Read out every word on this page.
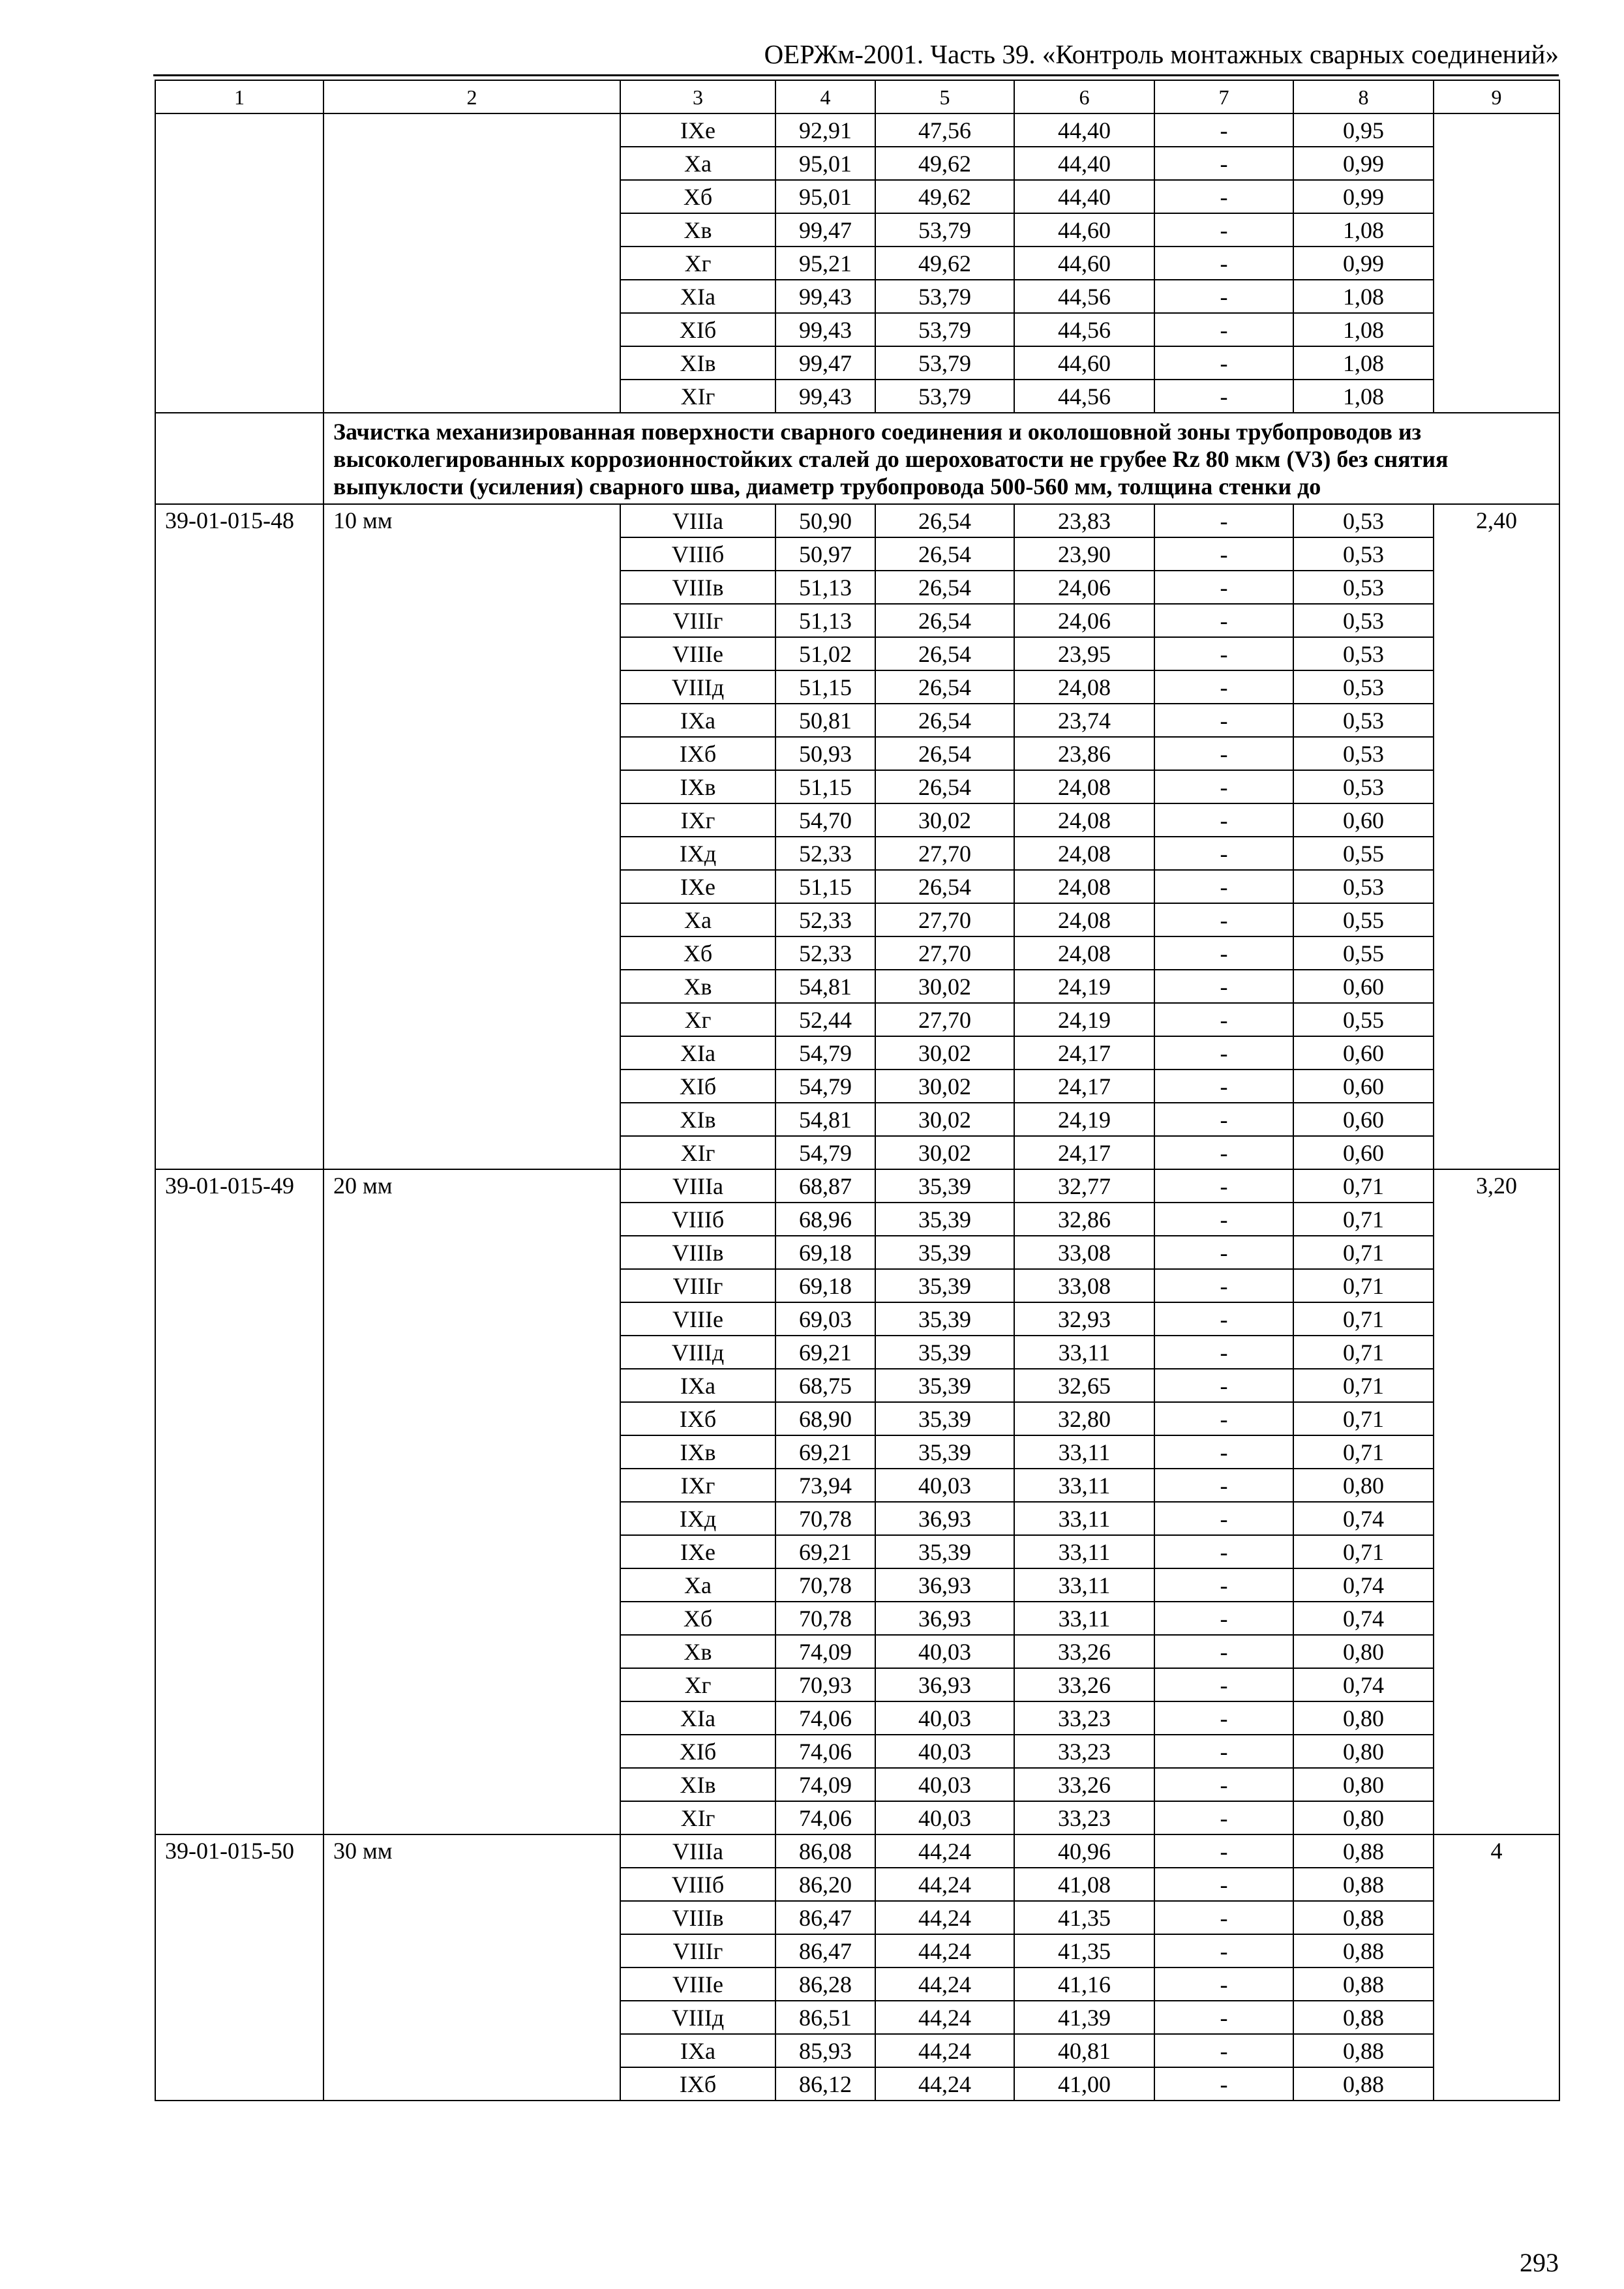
ОЕРЖм-2001. Часть 39. «Контроль монтажных сварных соединений»
1	2	3	4	5	6	7	8	9
		IXе	92,91	47,56	44,40	-	0,95	
		Xа	95,01	49,62	44,40	-	0,99	
		Xб	95,01	49,62	44,40	-	0,99	
		Xв	99,47	53,79	44,60	-	1,08	
		Xг	95,21	49,62	44,60	-	0,99	
		XIа	99,43	53,79	44,56	-	1,08	
		XIб	99,43	53,79	44,56	-	1,08	
		XIв	99,47	53,79	44,60	-	1,08	
		XIг	99,43	53,79	44,56	-	1,08	
	Зачистка механизированная поверхности сварного соединения и околошовной зоны трубопроводов из высоколегированных коррозионностойких сталей до шероховатости не грубее Rz 80 мкм (V3) без снятия выпуклости (усиления) сварного шва, диаметр трубопровода 500-560 мм, толщина стенки до							
39-01-015-48	10 мм	VIIIа	50,90	26,54	23,83	-	0,53	2,40
		VIIIб	50,97	26,54	23,90	-	0,53	
		VIIIв	51,13	26,54	24,06	-	0,53	
		VIIIг	51,13	26,54	24,06	-	0,53	
		VIIIе	51,02	26,54	23,95	-	0,53	
		VIIIд	51,15	26,54	24,08	-	0,53	
		IXа	50,81	26,54	23,74	-	0,53	
		IXб	50,93	26,54	23,86	-	0,53	
		IXв	51,15	26,54	24,08	-	0,53	
		IXг	54,70	30,02	24,08	-	0,60	
		IXд	52,33	27,70	24,08	-	0,55	
		IXе	51,15	26,54	24,08	-	0,53	
		Xа	52,33	27,70	24,08	-	0,55	
		Xб	52,33	27,70	24,08	-	0,55	
		Xв	54,81	30,02	24,19	-	0,60	
		Xг	52,44	27,70	24,19	-	0,55	
		XIа	54,79	30,02	24,17	-	0,60	
		XIб	54,79	30,02	24,17	-	0,60	
		XIв	54,81	30,02	24,19	-	0,60	
		XIг	54,79	30,02	24,17	-	0,60	
39-01-015-49	20 мм	VIIIа	68,87	35,39	32,77	-	0,71	3,20
		VIIIб	68,96	35,39	32,86	-	0,71	
		VIIIв	69,18	35,39	33,08	-	0,71	
		VIIIг	69,18	35,39	33,08	-	0,71	
		VIIIе	69,03	35,39	32,93	-	0,71	
		VIIIд	69,21	35,39	33,11	-	0,71	
		IXа	68,75	35,39	32,65	-	0,71	
		IXб	68,90	35,39	32,80	-	0,71	
		IXв	69,21	35,39	33,11	-	0,71	
		IXг	73,94	40,03	33,11	-	0,80	
		IXд	70,78	36,93	33,11	-	0,74	
		IXе	69,21	35,39	33,11	-	0,71	
		Xа	70,78	36,93	33,11	-	0,74	
		Xб	70,78	36,93	33,11	-	0,74	
		Xв	74,09	40,03	33,26	-	0,80	
		Xг	70,93	36,93	33,26	-	0,74	
		XIа	74,06	40,03	33,23	-	0,80	
		XIб	74,06	40,03	33,23	-	0,80	
		XIв	74,09	40,03	33,26	-	0,80	
		XIг	74,06	40,03	33,23	-	0,80	
39-01-015-50	30 мм	VIIIа	86,08	44,24	40,96	-	0,88	4
		VIIIб	86,20	44,24	41,08	-	0,88	
		VIIIв	86,47	44,24	41,35	-	0,88	
		VIIIг	86,47	44,24	41,35	-	0,88	
		VIIIе	86,28	44,24	41,16	-	0,88	
		VIIIд	86,51	44,24	41,39	-	0,88	
		IXа	85,93	44,24	40,81	-	0,88	
		IXб	86,12	44,24	41,00	-	0,88	
293
